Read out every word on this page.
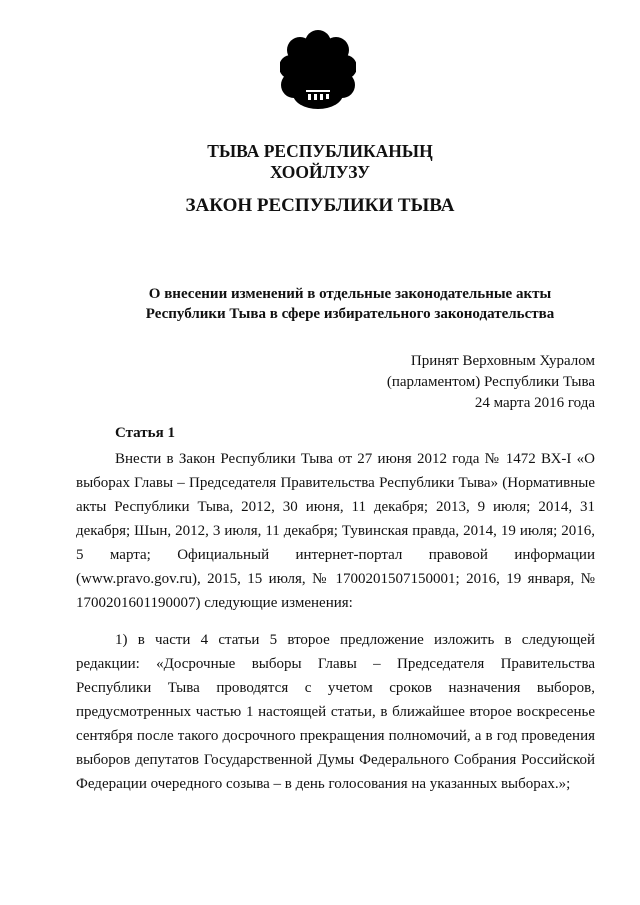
ТЫВА РЕСПУБЛИКАНЫҢ
ХООЙЛУЗУ
ЗАКОН РЕСПУБЛИКИ ТЫВА
О внесении изменений в отдельные законодательные акты
Республики Тыва в сфере избирательного законодательства
Принят Верховным Хуралом
(парламентом) Республики Тыва
24 марта 2016 года
Статья 1
Внести в Закон Республики Тыва от 27 июня 2012 года № 1472 ВХ-I «О выборах Главы – Председателя Правительства Республики Тыва» (Нормативные акты Республики Тыва, 2012, 30 июня, 11 декабря; 2013, 9 июля; 2014, 31 декабря; Шын, 2012, 3 июля, 11 декабря; Тувинская правда, 2014, 19 июля; 2016, 5 марта; Официальный интернет-портал правовой информации (www.pravo.gov.ru), 2015, 15 июля, № 1700201507150001; 2016, 19 января, № 1700201601190007) следующие изменения:
1) в части 4 статьи 5 второе предложение изложить в следующей редакции: «Досрочные выборы Главы – Председателя Правительства Республики Тыва проводятся с учетом сроков назначения выборов, предусмотренных частью 1 настоящей статьи, в ближайшее второе воскресенье сентября после такого досрочного прекращения полномочий, а в год проведения выборов депутатов Государственной Думы Федерального Собрания Российской Федерации очередного созыва – в день голосования на указанных выборах.»;
